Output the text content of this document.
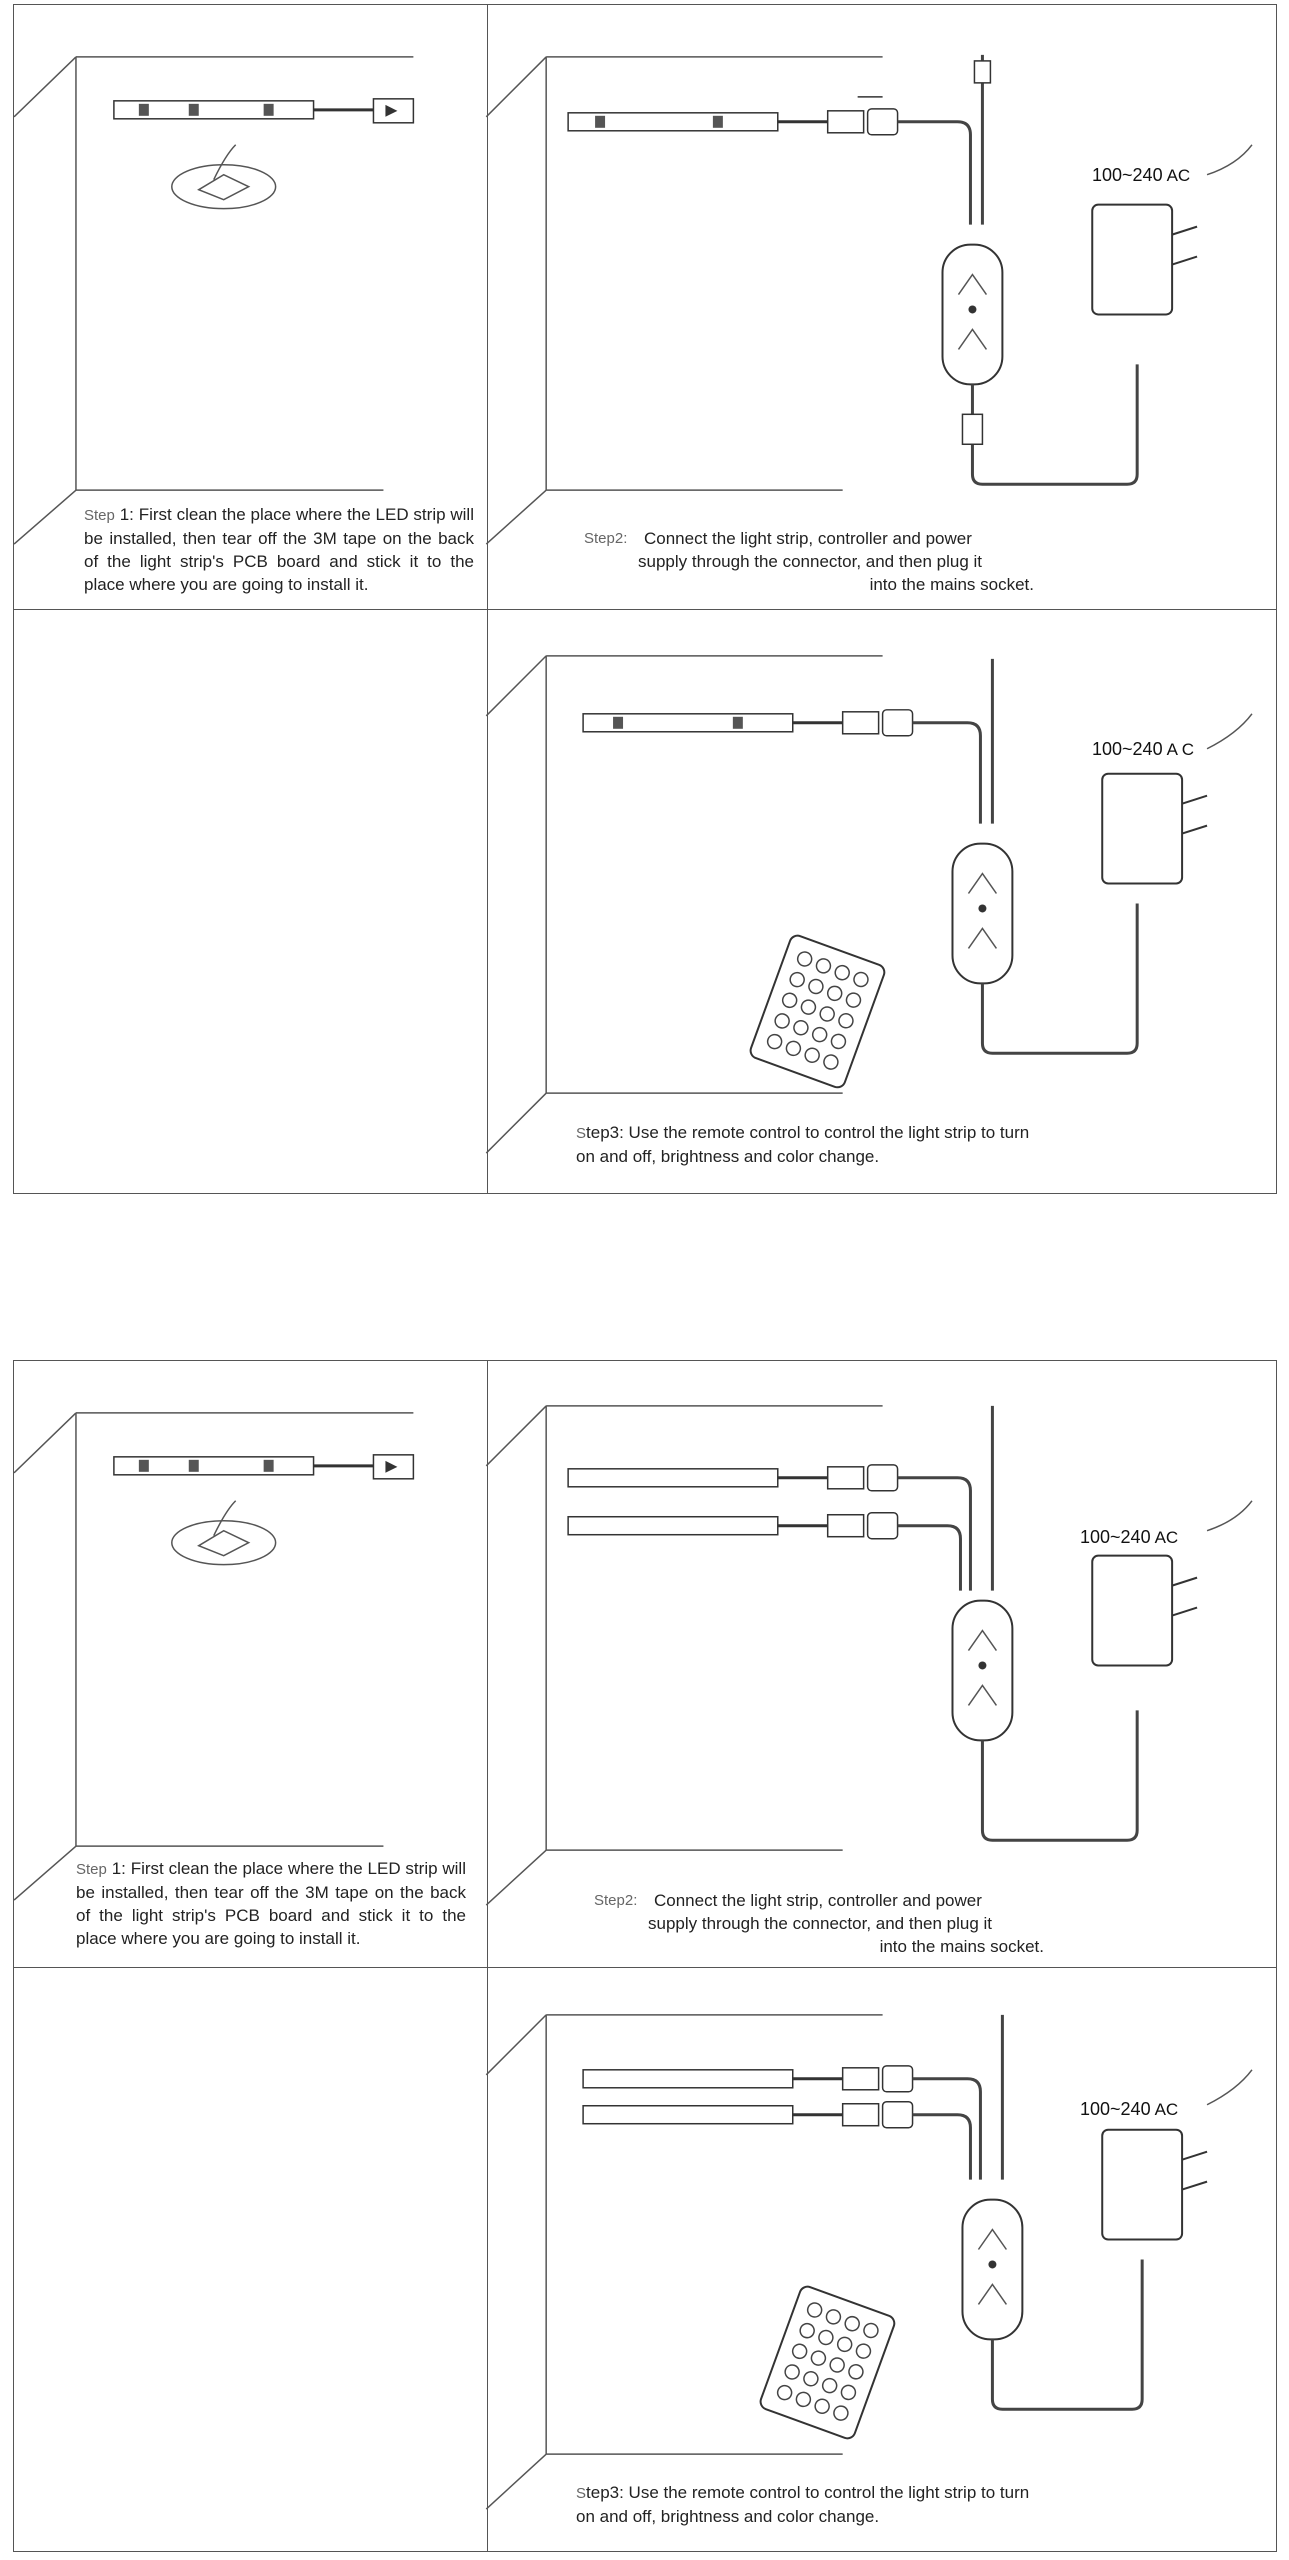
Step 1: First clean the place where the LED strip will be installed, then tear off the 3M tape on the back of the light strip's PCB board and stick it to the place where you are going to install it.
Step2: Connect the light strip, controller and power
supply through the connector, and then plug it
into the mains socket.
100~240 AC
100~240 A C
Step3: Use the remote control to control the light strip to turn
on and off, brightness and color change.
Step 1: First clean the place where the LED strip will be installed, then tear off the 3M tape on the back of the light strip's PCB board and stick it to the place where you are going to install it.
Step2: Connect the light strip, controller and power
supply through the connector, and then plug it
into the mains socket.
100~240 AC
100~240 AC
Step3: Use the remote control to control the light strip to turn
on and off, brightness and color change.
